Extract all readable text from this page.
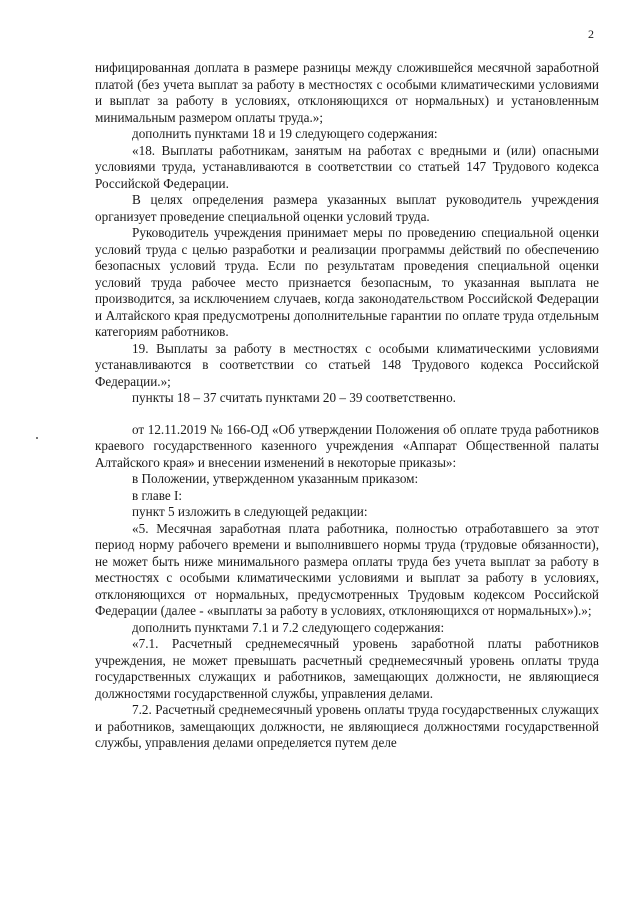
2

нифицированная доплата в размере разницы между сложившейся месячной заработной платой (без учета выплат за работу в местностях с особыми климатическими условиями и выплат за работу в условиях, отклоняющихся от нормальных) и установленным минимальным размером оплаты труда.»;

дополнить пунктами 18 и 19 следующего содержания:

«18. Выплаты работникам, занятым на работах с вредными и (или) опасными условиями труда, устанавливаются в соответствии со статьей 147 Трудового кодекса Российской Федерации.

В целях определения размера указанных выплат руководитель учреждения организует проведение специальной оценки условий труда.

Руководитель учреждения принимает меры по проведению специальной оценки условий труда с целью разработки и реализации программы действий по обеспечению безопасных условий труда. Если по результатам проведения специальной оценки условий труда рабочее место признается безопасным, то указанная выплата не производится, за исключением случаев, когда законодательством Российской Федерации и Алтайского края предусмотрены дополнительные гарантии по оплате труда отдельным категориям работников.

19. Выплаты за работу в местностях с особыми климатическими условиями устанавливаются в соответствии со статьей 148 Трудового кодекса Российской Федерации.»;

пункты 18 – 37 считать пунктами 20 – 39 соответственно.

от 12.11.2019 № 166-ОД «Об утверждении Положения об оплате труда работников краевого государственного казенного учреждения «Аппарат Общественной палаты Алтайского края» и внесении изменений в некоторые приказы»:

в Положении, утвержденном указанным приказом:

в главе I:

пункт 5 изложить в следующей редакции:

«5. Месячная заработная плата работника, полностью отработавшего за этот период норму рабочего времени и выполнившего нормы труда (трудовые обязанности), не может быть ниже минимального размера оплаты труда без учета выплат за работу в местностях с особыми климатическими условиями и выплат за работу в условиях, отклоняющихся от нормальных, предусмотренных Трудовым кодексом Российской Федерации (далее - «выплаты за работу в условиях, отклоняющихся от нормальных»).»;

дополнить пунктами 7.1 и 7.2 следующего содержания:

«7.1. Расчетный среднемесячный уровень заработной платы работников учреждения, не может превышать расчетный среднемесячный уровень оплаты труда государственных служащих и работников, замещающих должности, не являющиеся должностями государственной службы, управления делами.

7.2. Расчетный среднемесячный уровень оплаты труда государственных служащих и работников, замещающих должности, не являющиеся должностями государственной службы, управления делами определяется путем деле
